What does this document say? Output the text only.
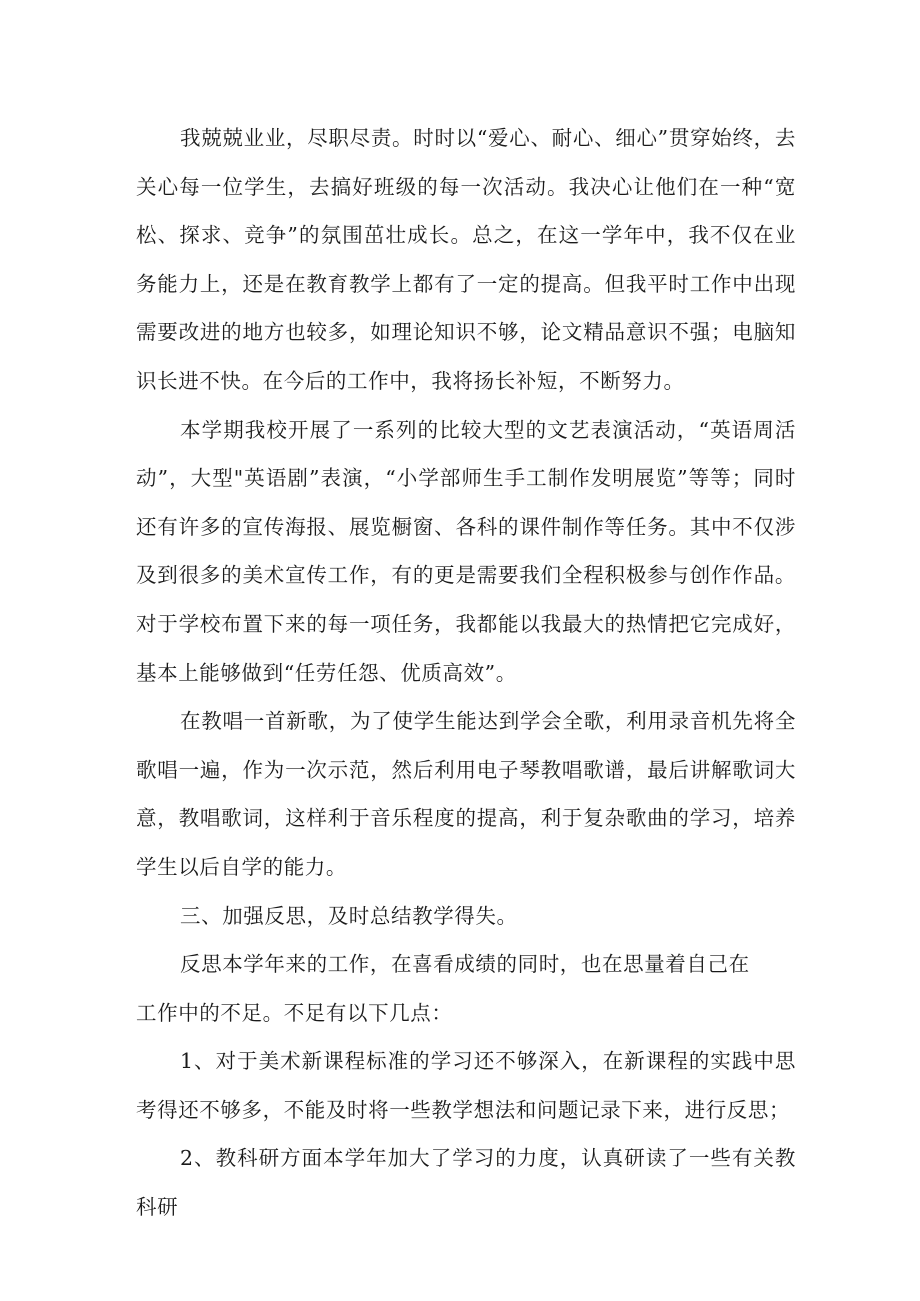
我兢兢业业，尽职尽责。时时以“爱心、耐心、细心”贯穿始终，去关心每一位学生，去搞好班级的每一次活动。我决心让他们在一种“宽松、探求、竞争”的氛围茁壮成长。总之，在这一学年中，我不仅在业务能力上，还是在教育教学上都有了一定的提高。但我平时工作中出现需要改进的地方也较多，如理论知识不够，论文精品意识不强；电脑知识长进不快。在今后的工作中，我将扬长补短，不断努力。

本学期我校开展了一系列的比较大型的文艺表演活动，“英语周活动”，大型"英语剧”表演，“小学部师生手工制作发明展览”等等；同时还有许多的宣传海报、展览橱窗、各科的课件制作等任务。其中不仅涉及到很多的美术宣传工作，有的更是需要我们全程积极参与创作作品。对于学校布置下来的每一项任务，我都能以我最大的热情把它完成好，基本上能够做到“任劳任怨、优质高效”。

在教唱一首新歌，为了使学生能达到学会全歌，利用录音机先将全歌唱一遍，作为一次示范，然后利用电子琴教唱歌谱，最后讲解歌词大意，教唱歌词，这样利于音乐程度的提高，利于复杂歌曲的学习，培养学生以后自学的能力。

三、加强反思，及时总结教学得失。

反思本学年来的工作，在喜看成绩的同时，也在思量着自己在
工作中的不足。不足有以下几点：

1、对于美术新课程标准的学习还不够深入，在新课程的实践中思考得还不够多，不能及时将一些教学想法和问题记录下来，进行反思；

2、教科研方面本学年加大了学习的力度，认真研读了一些有关教科研
